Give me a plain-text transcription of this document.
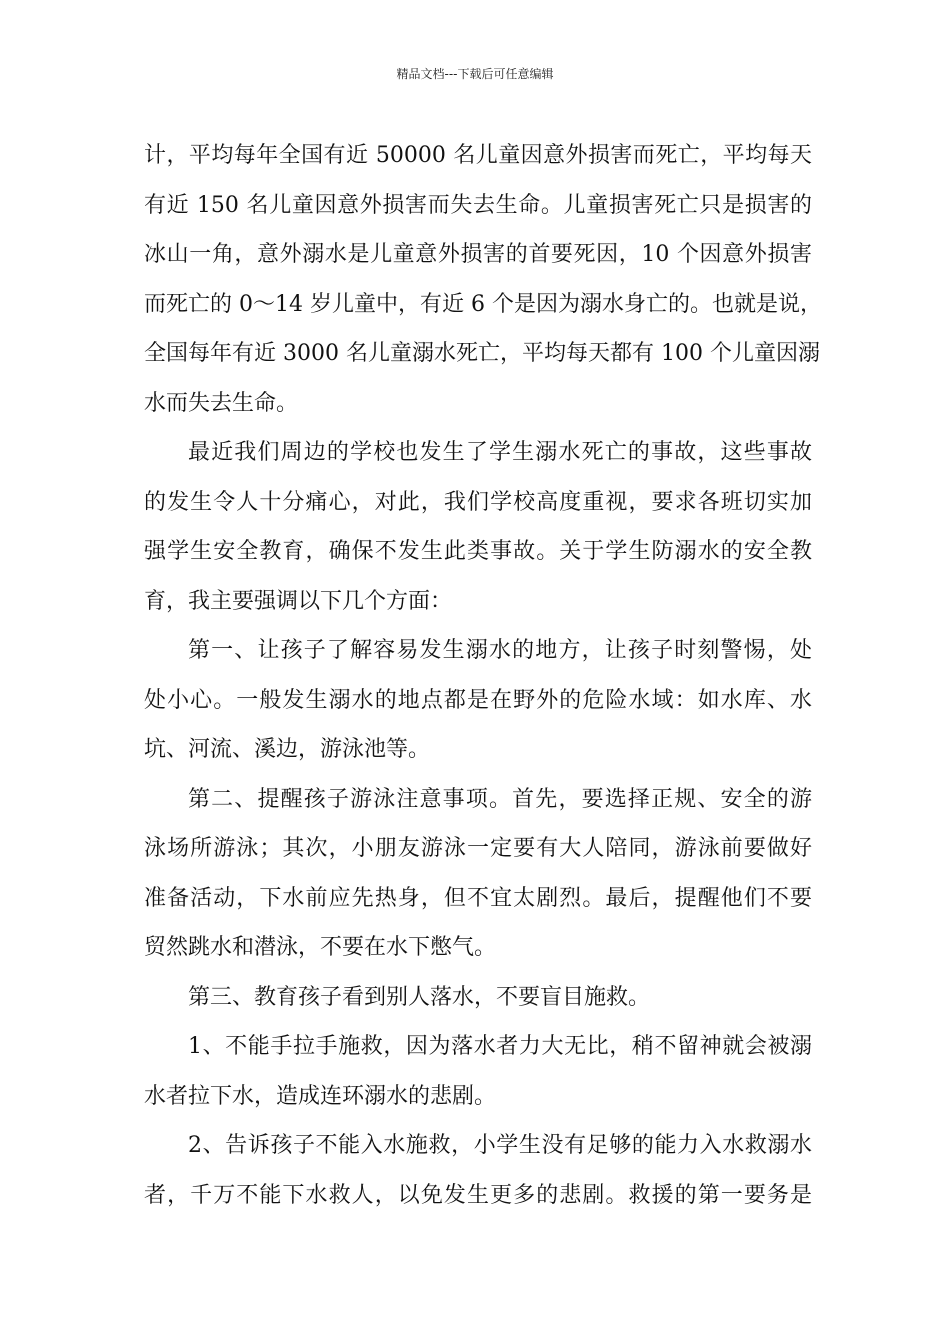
精品文档---下载后可任意编辑
计，平均每年全国有近 50000 名儿童因意外损害而死亡，平均每天
有近 150 名儿童因意外损害而失去生命。儿童损害死亡只是损害的
冰山一角，意外溺水是儿童意外损害的首要死因，10 个因意外损害
而死亡的 0～14 岁儿童中，有近 6 个是因为溺水身亡的。也就是说，
全国每年有近 3000 名儿童溺水死亡，平均每天都有 100 个儿童因溺
水而失去生命。
最近我们周边的学校也发生了学生溺水死亡的事故，这些事故
的发生令人十分痛心，对此，我们学校高度重视，要求各班切实加
强学生安全教育，确保不发生此类事故。关于学生防溺水的安全教
育，我主要强调以下几个方面：
第一、让孩子了解容易发生溺水的地方，让孩子时刻警惕，处
处小心。一般发生溺水的地点都是在野外的危险水域：如水库、水
坑、河流、溪边，游泳池等。
第二、提醒孩子游泳注意事项。首先，要选择正规、安全的游
泳场所游泳；其次，小朋友游泳一定要有大人陪同，游泳前要做好
准备活动，下水前应先热身，但不宜太剧烈。最后，提醒他们不要
贸然跳水和潜泳，不要在水下憋气。
第三、教育孩子看到别人落水，不要盲目施救。
1、不能手拉手施救，因为落水者力大无比，稍不留神就会被溺
水者拉下水，造成连环溺水的悲剧。
2、告诉孩子不能入水施救，小学生没有足够的能力入水救溺水
者，千万不能下水救人，以免发生更多的悲剧。救援的第一要务是
